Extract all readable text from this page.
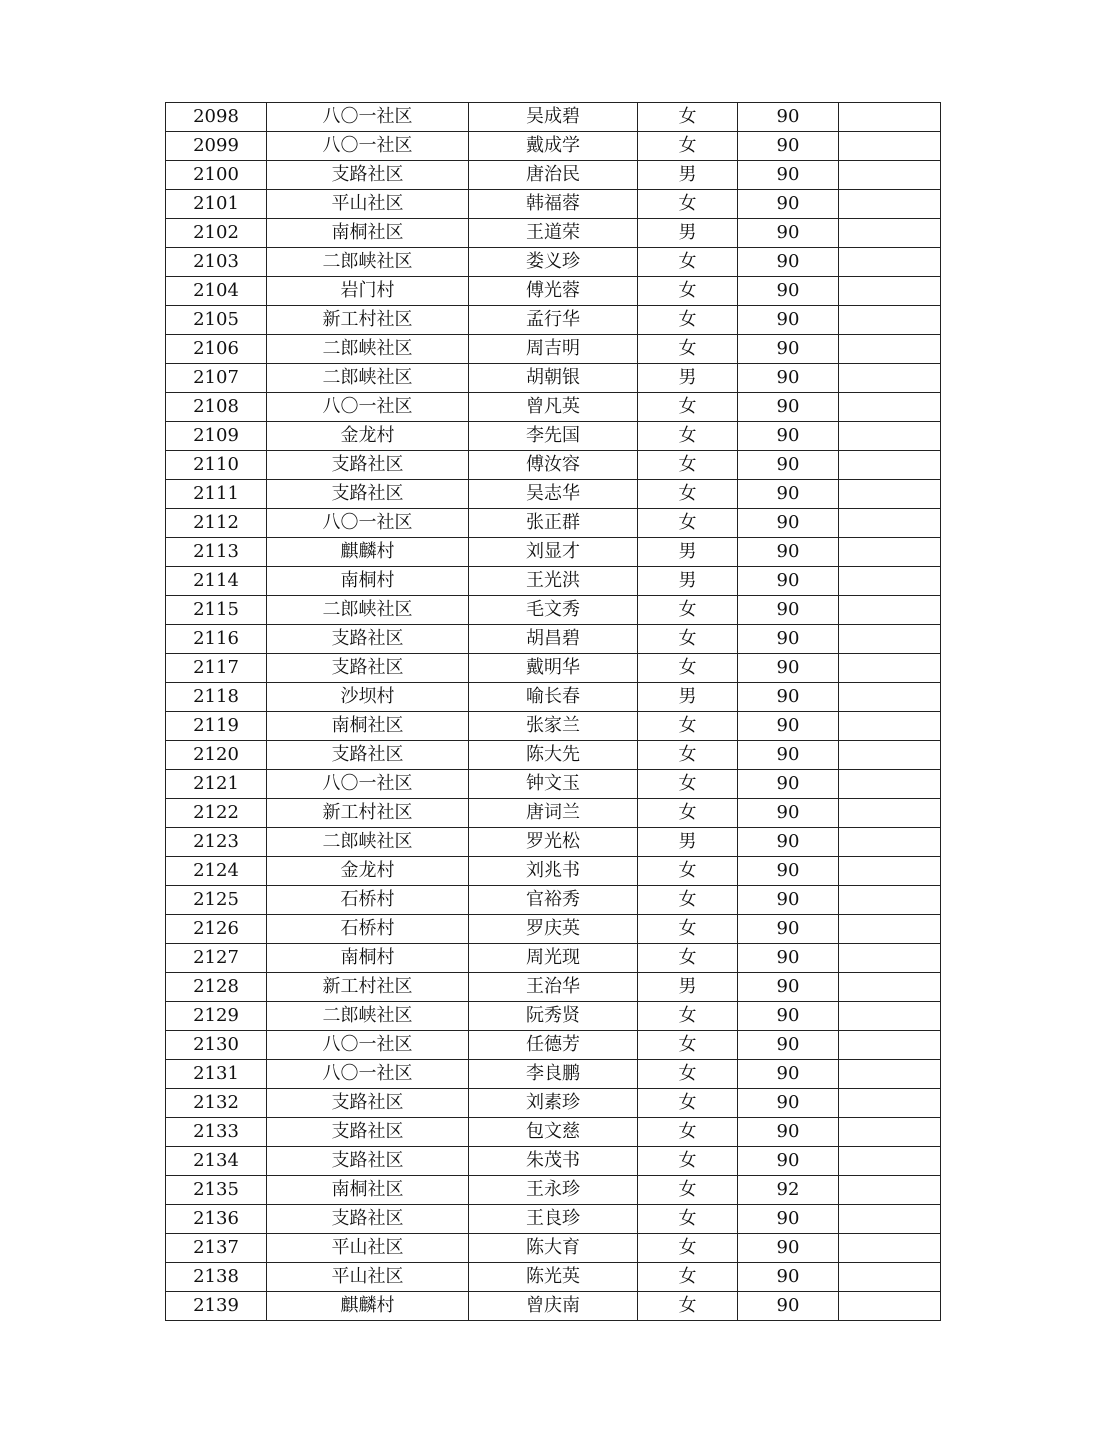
2098	八〇一社区	吴成碧	女	90	
2099	八〇一社区	戴成学	女	90	
2100	支路社区	唐治民	男	90	
2101	平山社区	韩福蓉	女	90	
2102	南桐社区	王道荣	男	90	
2103	二郎峡社区	娄义珍	女	90	
2104	岩门村	傅光蓉	女	90	
2105	新工村社区	孟行华	女	90	
2106	二郎峡社区	周吉明	女	90	
2107	二郎峡社区	胡朝银	男	90	
2108	八〇一社区	曾凡英	女	90	
2109	金龙村	李先国	女	90	
2110	支路社区	傅汝容	女	90	
2111	支路社区	吴志华	女	90	
2112	八〇一社区	张正群	女	90	
2113	麒麟村	刘显才	男	90	
2114	南桐村	王光洪	男	90	
2115	二郎峡社区	毛文秀	女	90	
2116	支路社区	胡昌碧	女	90	
2117	支路社区	戴明华	女	90	
2118	沙坝村	喻长春	男	90	
2119	南桐社区	张家兰	女	90	
2120	支路社区	陈大先	女	90	
2121	八〇一社区	钟文玉	女	90	
2122	新工村社区	唐词兰	女	90	
2123	二郎峡社区	罗光松	男	90	
2124	金龙村	刘兆书	女	90	
2125	石桥村	官裕秀	女	90	
2126	石桥村	罗庆英	女	90	
2127	南桐村	周光现	女	90	
2128	新工村社区	王治华	男	90	
2129	二郎峡社区	阮秀贤	女	90	
2130	八〇一社区	任德芳	女	90	
2131	八〇一社区	李良鹏	女	90	
2132	支路社区	刘素珍	女	90	
2133	支路社区	包文慈	女	90	
2134	支路社区	朱茂书	女	90	
2135	南桐社区	王永珍	女	92	
2136	支路社区	王良珍	女	90	
2137	平山社区	陈大育	女	90	
2138	平山社区	陈光英	女	90	
2139	麒麟村	曾庆南	女	90	
